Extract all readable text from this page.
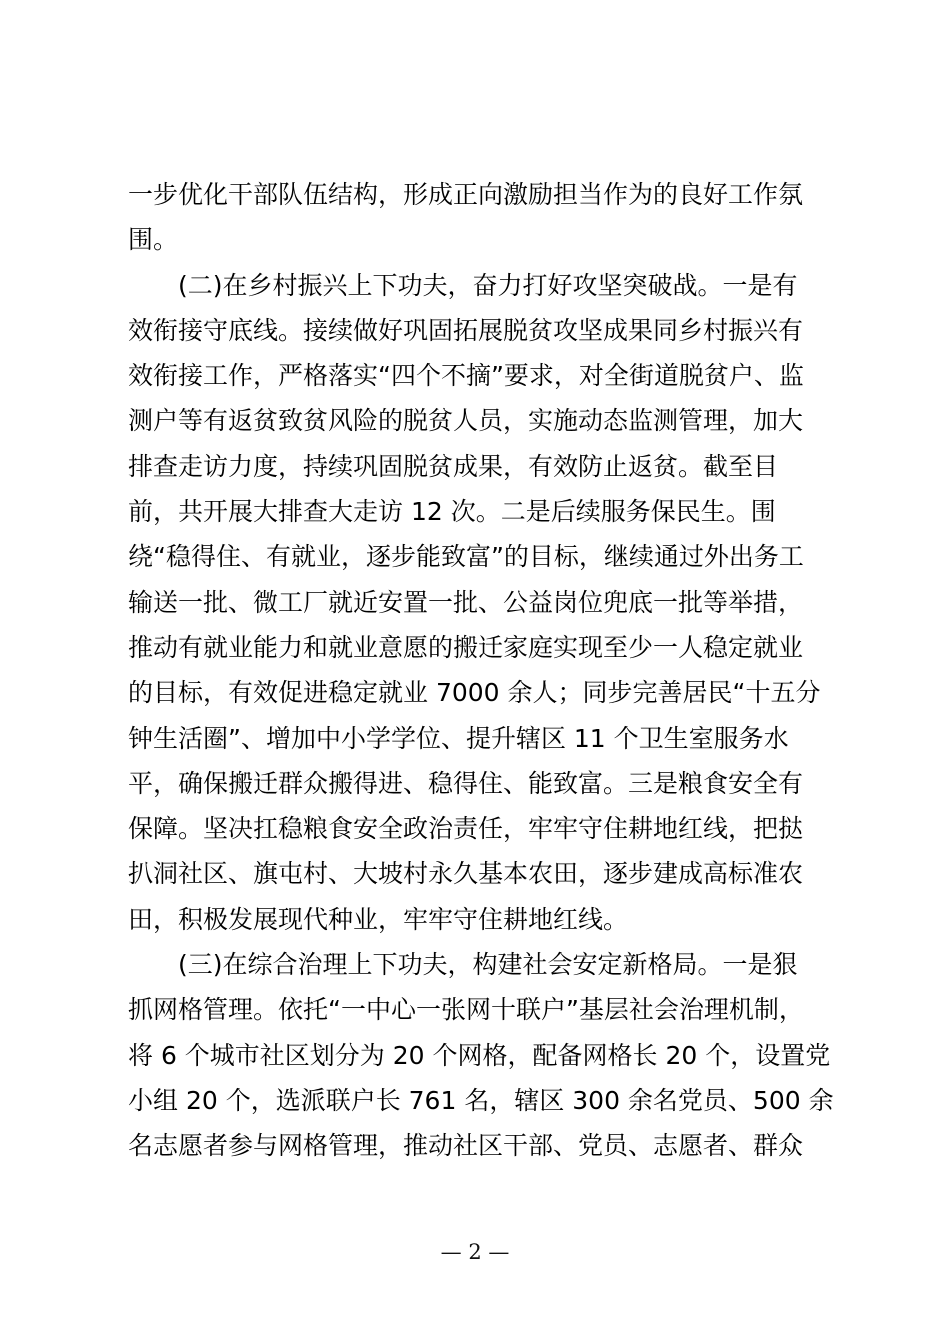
一步优化干部队伍结构，形成正向激励担当作为的良好工作氛
围。
(二)在乡村振兴上下功夫，奋力打好攻坚突破战。一是有
效衔接守底线。接续做好巩固拓展脱贫攻坚成果同乡村振兴有
效衔接工作，严格落实“四个不摘”要求，对全街道脱贫户、监
测户等有返贫致贫风险的脱贫人员，实施动态监测管理，加大
排查走访力度，持续巩固脱贫成果，有效防止返贫。截至目
前，共开展大排查大走访 12 次。二是后续服务保民生。围
绕“稳得住、有就业，逐步能致富”的目标，继续通过外出务工
输送一批、微工厂就近安置一批、公益岗位兜底一批等举措，
推动有就业能力和就业意愿的搬迁家庭实现至少一人稳定就业
的目标，有效促进稳定就业 7000 余人；同步完善居民“十五分
钟生活圈”、增加中小学学位、提升辖区 11 个卫生室服务水
平，确保搬迁群众搬得进、稳得住、能致富。三是粮食安全有
保障。坚决扛稳粮食安全政治责任，牢牢守住耕地红线，把挞
扒洞社区、旗屯村、大坡村永久基本农田，逐步建成高标准农
田，积极发展现代种业，牢牢守住耕地红线。
(三)在综合治理上下功夫，构建社会安定新格局。一是狠
抓网格管理。依托“一中心一张网十联户”基层社会治理机制，
将 6 个城市社区划分为 20 个网格，配备网格长 20 个，设置党
小组 20 个，选派联户长 761 名，辖区 300 余名党员、500 余
名志愿者参与网格管理，推动社区干部、党员、志愿者、群众
— 2 —
